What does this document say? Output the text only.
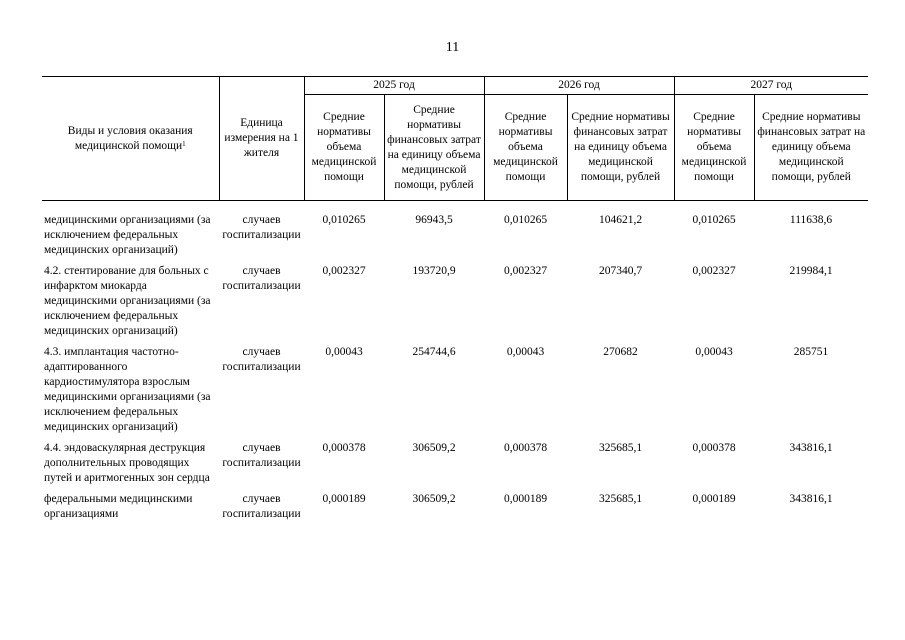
11
Виды и условия оказания медицинской помощи$^1$	Единица измерения на 1 жителя	2025 год		2026 год		2027 год	
		Средние нормативы объема медицинской помощи	Средние нормативы финансовых затрат на единицу объема медицинской помощи, рублей	Средние нормативы объема медицинской помощи	Средние нормативы финансовых затрат на единицу объема медицинской помощи, рублей	Средние нормативы объема медицинской помощи	Средние нормативы финансовых затрат на единицу объема медицинской помощи, рублей

медицинскими организациями (за исключением федеральных медицинских организаций)	случаев госпитализации	0,010265	96943,5	0,010265	104621,2	0,010265	111638,6
4.2. стентирование для больных с инфарктом миокарда медицинскими организациями (за исключением федеральных медицинских организаций)	случаев госпитализации	0,002327	193720,9	0,002327	207340,7	0,002327	219984,1
4.3. имплантация частотно-адаптированного кардиостимулятора взрослым медицинскими организациями (за исключением федеральных медицинских организаций)	случаев госпитализации	0,00043	254744,6	0,00043	270682	0,00043	285751
4.4. эндоваскулярная деструкция дополнительных проводящих путей и аритмогенных зон сердца	случаев госпитализации	0,000378	306509,2	0,000378	325685,1	0,000378	343816,1
федеральными медицинскими организациями	случаев госпитализации	0,000189	306509,2	0,000189	325685,1	0,000189	343816,1
